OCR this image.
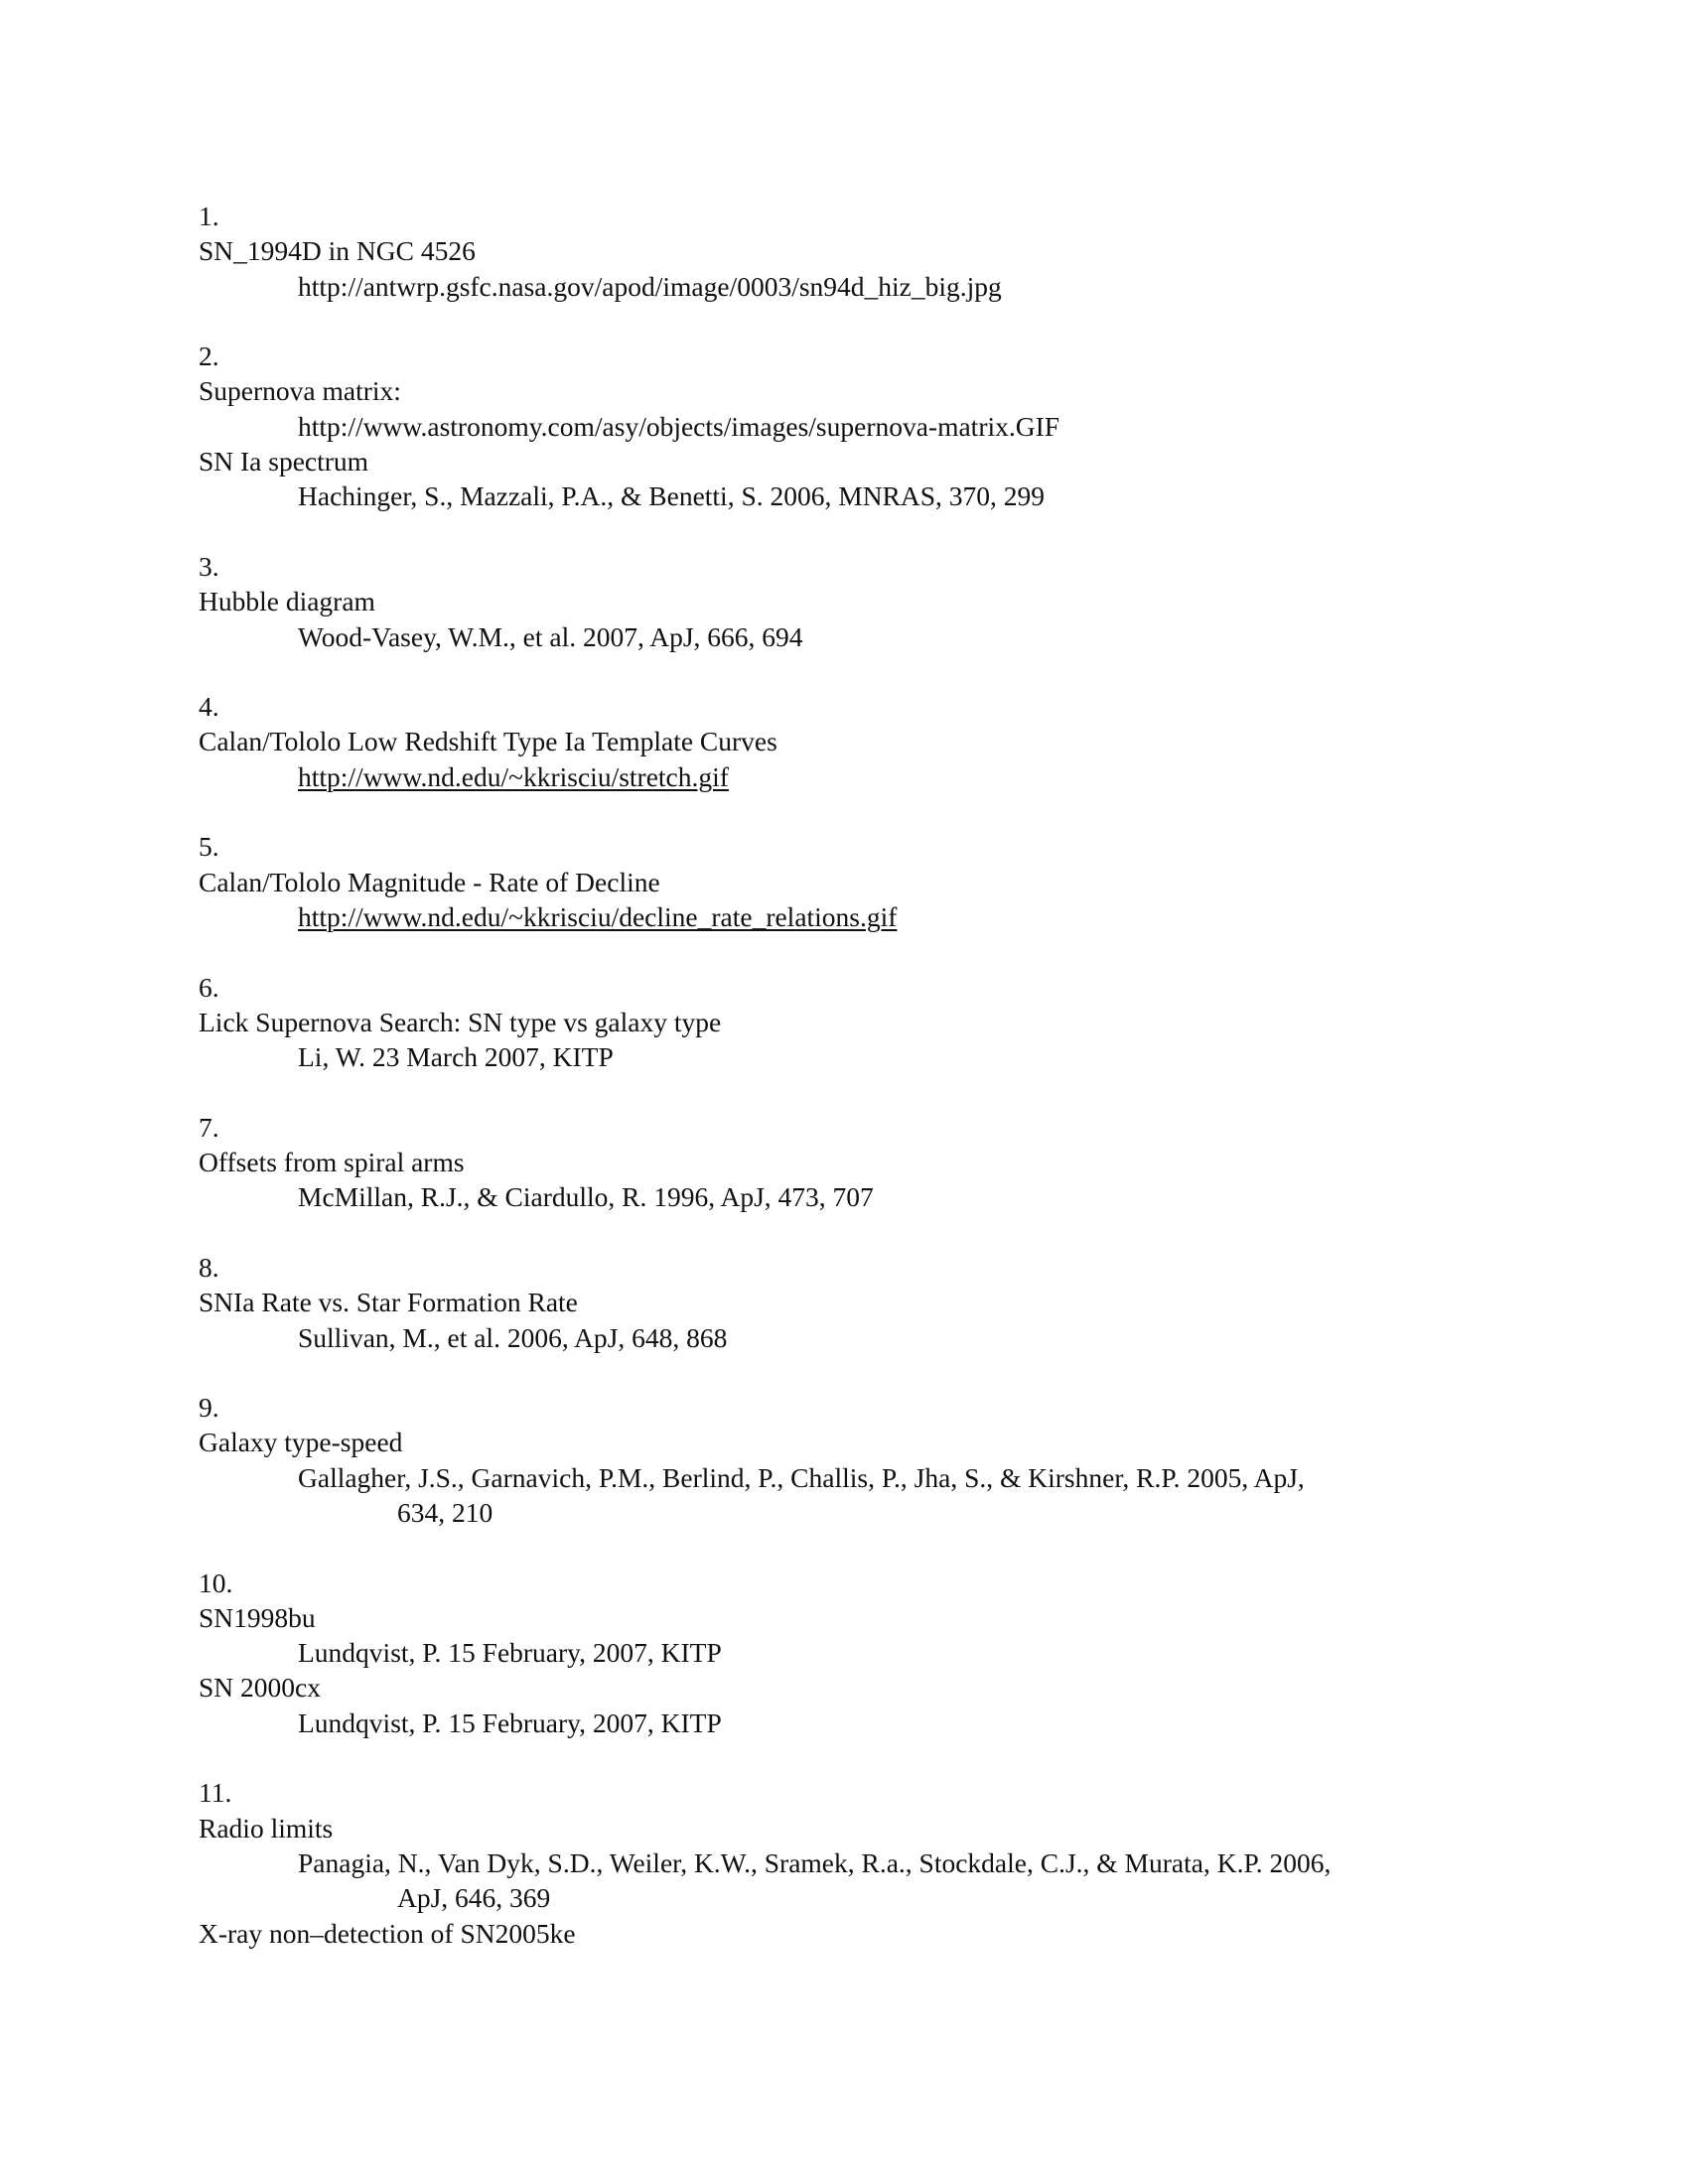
1.
SN_1994D in NGC 4526
http://antwrp.gsfc.nasa.gov/apod/image/0003/sn94d_hiz_big.jpg
2.
Supernova matrix:
http://www.astronomy.com/asy/objects/images/supernova-matrix.GIF
SN Ia spectrum
Hachinger, S., Mazzali, P.A., & Benetti, S. 2006, MNRAS, 370, 299
3.
Hubble diagram
Wood-Vasey, W.M., et al. 2007, ApJ, 666, 694
4.
Calan/Tololo Low Redshift Type Ia Template Curves
http://www.nd.edu/~kkrisciu/stretch.gif
5.
Calan/Tololo Magnitude - Rate of Decline
http://www.nd.edu/~kkrisciu/decline_rate_relations.gif
6.
Lick Supernova Search: SN type vs galaxy type
Li, W. 23 March 2007, KITP
7.
Offsets from spiral arms
McMillan, R.J., & Ciardullo, R. 1996, ApJ, 473, 707
8.
SNIa Rate vs. Star Formation Rate
Sullivan, M., et al. 2006, ApJ, 648, 868
9.
Galaxy type-speed
Gallagher, J.S., Garnavich, P.M., Berlind, P., Challis, P., Jha, S., & Kirshner, R.P. 2005, ApJ,
634, 210
10.
SN1998bu
Lundqvist, P. 15 February, 2007, KITP
SN 2000cx
Lundqvist, P. 15 February, 2007, KITP
11.
Radio limits
Panagia, N., Van Dyk, S.D., Weiler, K.W., Sramek, R.a., Stockdale, C.J., & Murata, K.P. 2006,
ApJ, 646, 369
X-ray non–detection of SN2005ke
